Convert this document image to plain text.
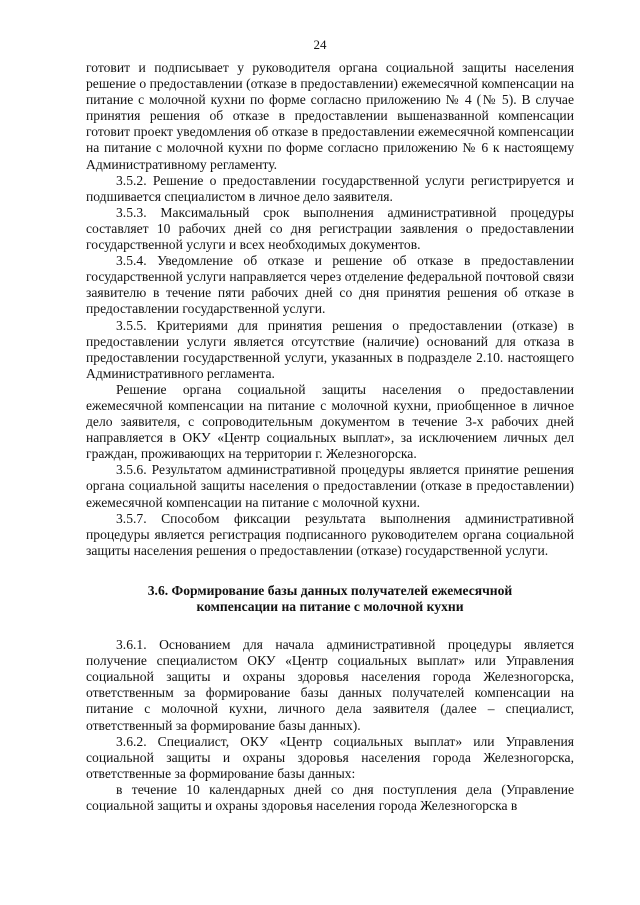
24

готовит и подписывает у руководителя органа социальной защиты населения решение о предоставлении (отказе в предоставлении) ежемесячной компенсации на питание с молочной кухни по форме согласно приложению № 4 (№ 5). В случае принятия решения об отказе в предоставлении вышеназванной компенсации готовит проект уведомления об отказе в предоставлении ежемесячной компенсации на питание с молочной кухни по форме согласно приложению № 6 к настоящему Административному регламенту.

3.5.2. Решение о предоставлении государственной услуги регистрируется и подшивается специалистом в личное дело заявителя.

3.5.3. Максимальный срок выполнения административной процедуры составляет 10 рабочих дней со дня регистрации заявления о предоставлении государственной услуги и всех необходимых документов.

3.5.4. Уведомление об отказе и решение об отказе в предоставлении государственной услуги направляется через отделение федеральной почтовой связи заявителю в течение пяти рабочих дней со дня принятия решения об отказе в предоставлении государственной услуги.

3.5.5. Критериями для принятия решения о предоставлении (отказе) в предоставлении услуги является отсутствие (наличие) оснований для отказа в предоставлении государственной услуги, указанных в подразделе 2.10. настоящего Административного регламента.

Решение органа социальной защиты населения о предоставлении ежемесячной компенсации на питание с молочной кухни, приобщенное в личное дело заявителя, с сопроводительным документом в течение 3-х рабочих дней направляется в ОКУ «Центр социальных выплат», за исключением личных дел граждан, проживающих на территории г. Железногорска.

3.5.6. Результатом административной процедуры является принятие решения органа социальной защиты населения о предоставлении (отказе в предоставлении) ежемесячной компенсации на питание с молочной кухни.

3.5.7. Способом фиксации результата выполнения административной процедуры является регистрация подписанного руководителем органа социальной защиты населения решения о предоставлении (отказе) государственной услуги.

3.6. Формирование базы данных получателей ежемесячной
компенсации на питание с молочной кухни

3.6.1. Основанием для начала административной процедуры является получение специалистом ОКУ «Центр социальных выплат» или Управления социальной защиты и охраны здоровья населения города Железногорска, ответственным за формирование базы данных получателей компенсации на питание с молочной кухни, личного дела заявителя (далее – специалист, ответственный за формирование базы данных).

3.6.2. Специалист, ОКУ «Центр социальных выплат» или Управления социальной защиты и охраны здоровья населения города Железногорска, ответственные за формирование базы данных:

в течение 10 календарных дней со дня поступления дела (Управление социальной защиты и охраны здоровья населения города Железногорска в
